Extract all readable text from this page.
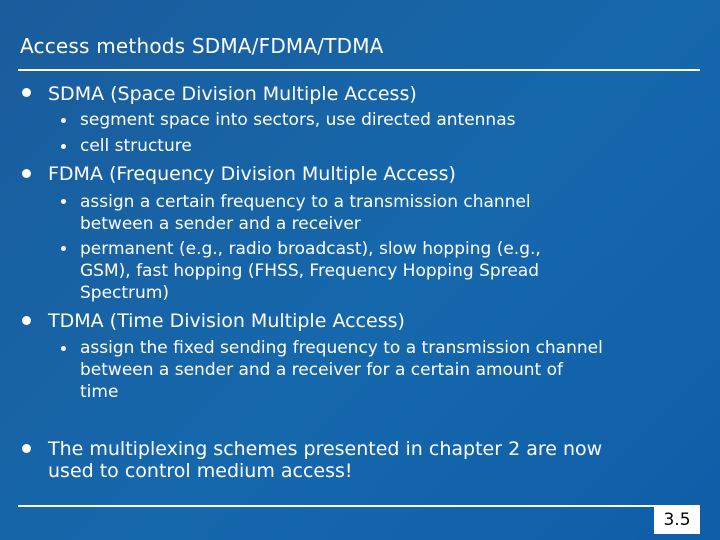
Access methods SDMA/FDMA/TDMA
SDMA (Space Division Multiple Access)
segment space into sectors, use directed antennas
cell structure
FDMA (Frequency Division Multiple Access)
assign a certain frequency to a transmission channel
between a sender and a receiver
permanent (e.g., radio broadcast), slow hopping (e.g.,
GSM), fast hopping (FHSS, Frequency Hopping Spread
Spectrum)
TDMA (Time Division Multiple Access)
assign the fixed sending frequency to a transmission channel
between a sender and a receiver for a certain amount of
time
The multiplexing schemes presented in chapter 2 are now
used to control medium access!
3.5
